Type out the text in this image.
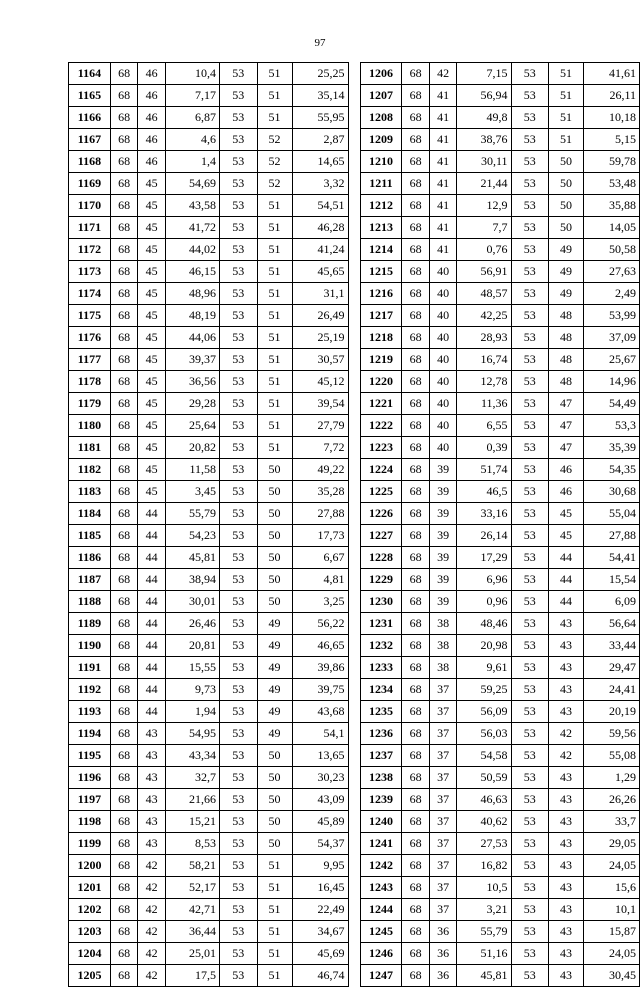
97
1164	68	46	10,4	53	51	25,25
1165	68	46	7,17	53	51	35,14
1166	68	46	6,87	53	51	55,95
1167	68	46	4,6	53	52	2,87
1168	68	46	1,4	53	52	14,65
1169	68	45	54,69	53	52	3,32
1170	68	45	43,58	53	51	54,51
1171	68	45	41,72	53	51	46,28
1172	68	45	44,02	53	51	41,24
1173	68	45	46,15	53	51	45,65
1174	68	45	48,96	53	51	31,1
1175	68	45	48,19	53	51	26,49
1176	68	45	44,06	53	51	25,19
1177	68	45	39,37	53	51	30,57
1178	68	45	36,56	53	51	45,12
1179	68	45	29,28	53	51	39,54
1180	68	45	25,64	53	51	27,79
1181	68	45	20,82	53	51	7,72
1182	68	45	11,58	53	50	49,22
1183	68	45	3,45	53	50	35,28
1184	68	44	55,79	53	50	27,88
1185	68	44	54,23	53	50	17,73
1186	68	44	45,81	53	50	6,67
1187	68	44	38,94	53	50	4,81
1188	68	44	30,01	53	50	3,25
1189	68	44	26,46	53	49	56,22
1190	68	44	20,81	53	49	46,65
1191	68	44	15,55	53	49	39,86
1192	68	44	9,73	53	49	39,75
1193	68	44	1,94	53	49	43,68
1194	68	43	54,95	53	49	54,1
1195	68	43	43,34	53	50	13,65
1196	68	43	32,7	53	50	30,23
1197	68	43	21,66	53	50	43,09
1198	68	43	15,21	53	50	45,89
1199	68	43	8,53	53	50	54,37
1200	68	42	58,21	53	51	9,95
1201	68	42	52,17	53	51	16,45
1202	68	42	42,71	53	51	22,49
1203	68	42	36,44	53	51	34,67
1204	68	42	25,01	53	51	45,69
1205	68	42	17,5	53	51	46,74
1206	68	42	7,15	53	51	41,61
1207	68	41	56,94	53	51	26,11
1208	68	41	49,8	53	51	10,18
1209	68	41	38,76	53	51	5,15
1210	68	41	30,11	53	50	59,78
1211	68	41	21,44	53	50	53,48
1212	68	41	12,9	53	50	35,88
1213	68	41	7,7	53	50	14,05
1214	68	41	0,76	53	49	50,58
1215	68	40	56,91	53	49	27,63
1216	68	40	48,57	53	49	2,49
1217	68	40	42,25	53	48	53,99
1218	68	40	28,93	53	48	37,09
1219	68	40	16,74	53	48	25,67
1220	68	40	12,78	53	48	14,96
1221	68	40	11,36	53	47	54,49
1222	68	40	6,55	53	47	53,3
1223	68	40	0,39	53	47	35,39
1224	68	39	51,74	53	46	54,35
1225	68	39	46,5	53	46	30,68
1226	68	39	33,16	53	45	55,04
1227	68	39	26,14	53	45	27,88
1228	68	39	17,29	53	44	54,41
1229	68	39	6,96	53	44	15,54
1230	68	39	0,96	53	44	6,09
1231	68	38	48,46	53	43	56,64
1232	68	38	20,98	53	43	33,44
1233	68	38	9,61	53	43	29,47
1234	68	37	59,25	53	43	24,41
1235	68	37	56,09	53	43	20,19
1236	68	37	56,03	53	42	59,56
1237	68	37	54,58	53	42	55,08
1238	68	37	50,59	53	43	1,29
1239	68	37	46,63	53	43	26,26
1240	68	37	40,62	53	43	33,7
1241	68	37	27,53	53	43	29,05
1242	68	37	16,82	53	43	24,05
1243	68	37	10,5	53	43	15,6
1244	68	37	3,21	53	43	10,1
1245	68	36	55,79	53	43	15,87
1246	68	36	51,16	53	43	24,05
1247	68	36	45,81	53	43	30,45
